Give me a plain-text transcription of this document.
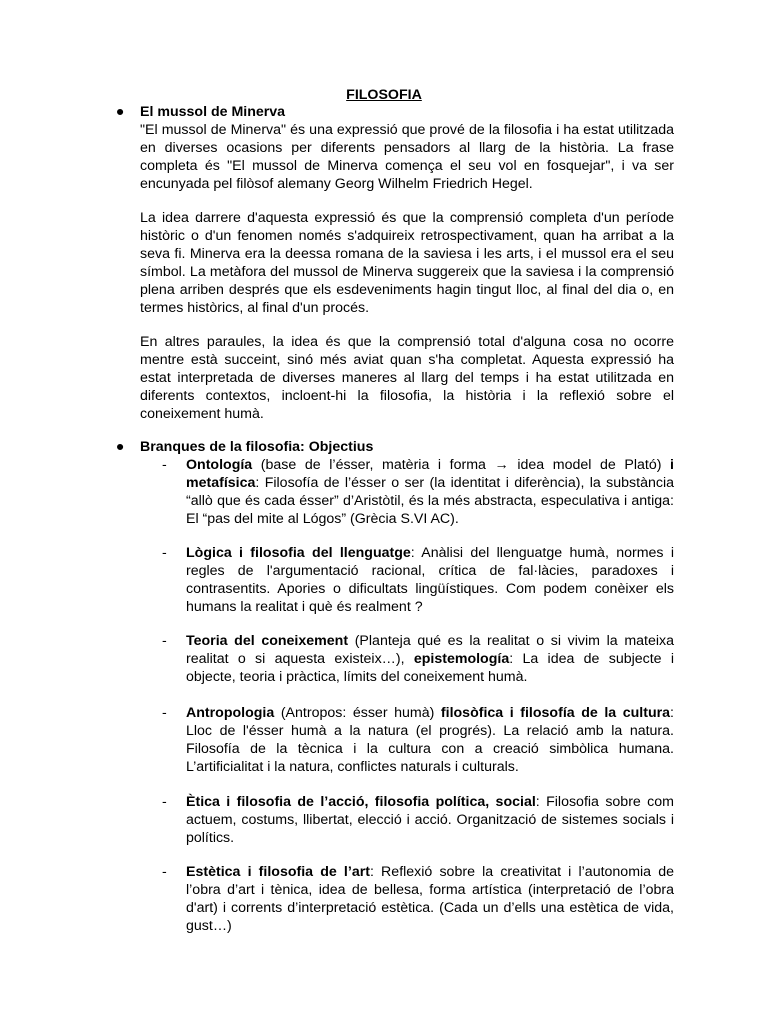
FILOSOFIA
● El mussol de Minerva

"El mussol de Minerva" és una expressió que prové de la filosofia i ha estat utilitzada en diverses ocasions per diferents pensadors al llarg de la història. La frase completa és "El mussol de Minerva comença el seu vol en fosquejar", i va ser encunyada pel filòsof alemany Georg Wilhelm Friedrich Hegel.

La idea darrere d'aquesta expressió és que la comprensió completa d'un període històric o d'un fenomen només s'adquireix retrospectivament, quan ha arribat a la seva fi. Minerva era la deessa romana de la saviesa i les arts, i el mussol era el seu símbol. La metàfora del mussol de Minerva suggereix que la saviesa i la comprensió plena arriben després que els esdeveniments hagin tingut lloc, al final del dia o, en termes històrics, al final d'un procés.

En altres paraules, la idea és que la comprensió total d'alguna cosa no ocorre mentre està succeint, sinó més aviat quan s'ha completat. Aquesta expressió ha estat interpretada de diverses maneres al llarg del temps i ha estat utilitzada en diferents contextos, incloent-hi la filosofia, la història i la reflexió sobre el coneixement humà.

● Branques de la filosofia: Objectius

- Ontología (base de l’ésser, matèria i forma → idea model de Plató) i metafísica: Filosofía de l’ésser o ser (la identitat i diferència), la substància “allò que és cada ésser” d’Aristòtil, és la més abstracta, especulativa i antiga: El “pas del mite al Lógos” (Grècia S.VI AC).

- Lògica i filosofia del llenguatge: Anàlisi del llenguatge humà, normes i regles de l'argumentació racional, crítica de fal·làcies, paradoxes i contrasentits. Apories o dificultats lingüístiques. Com podem conèixer els humans la realitat i què és realment ?

- Teoria del coneixement (Planteja qué es la realitat o si vivim la mateixa realitat o si aquesta existeix…), epistemología: La idea de subjecte i objecte, teoria i pràctica, límits del coneixement humà.

- Antropologia (Antropos: ésser humà) filosòfica i filosofía de la cultura: Lloc de l'ésser humà a la natura (el progrés). La relació amb la natura. Filosofía de la tècnica i la cultura con a creació simbòlica humana. L’artificialitat i la natura, conflictes naturals i culturals.

- Ètica i filosofia de l’acció, filosofia política, social: Filosofia sobre com actuem, costums, llibertat, elecció i acció. Organització de sistemes socials i polítics.

- Estètica i filosofia de l’art: Reflexió sobre la creativitat i l’autonomia de l’obra d’art i tènica, idea de bellesa, forma artística (interpretació de l’obra d'art) i corrents d’interpretació estètica. (Cada un d’ells una estètica de vida, gust…)
